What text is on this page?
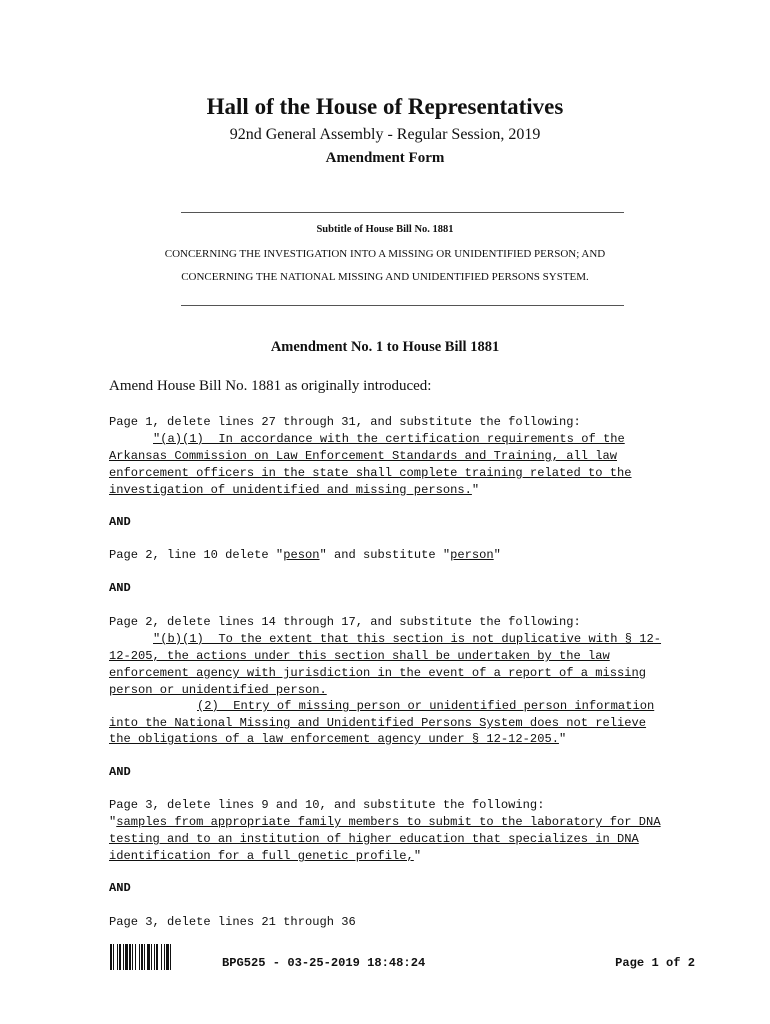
Hall of the House of Representatives
92nd General Assembly - Regular Session, 2019
Amendment Form
Subtitle of House Bill No. 1881
CONCERNING THE INVESTIGATION INTO A MISSING OR UNIDENTIFIED PERSON; AND
CONCERNING THE NATIONAL MISSING AND UNIDENTIFIED PERSONS SYSTEM.
Amendment No. 1 to House Bill 1881
Amend House Bill No. 1881 as originally introduced:
Page 1, delete lines 27 through 31, and substitute the following:
"(a)(1)  In accordance with the certification requirements of the
Arkansas Commission on Law Enforcement Standards and Training, all law
enforcement officers in the state shall complete training related to the
investigation of unidentified and missing persons."
AND
Page 2, line 10 delete "peson" and substitute "person"
AND
Page 2, delete lines 14 through 17, and substitute the following:
"(b)(1)  To the extent that this section is not duplicative with § 12-
12-205, the actions under this section shall be undertaken by the law
enforcement agency with jurisdiction in the event of a report of a missing
person or unidentified person.
(2)  Entry of missing person or unidentified person information
into the National Missing and Unidentified Persons System does not relieve
the obligations of a law enforcement agency under § 12-12-205."
AND
Page 3, delete lines 9 and 10, and substitute the following:
"samples from appropriate family members to submit to the laboratory for DNA
testing and to an institution of higher education that specializes in DNA
identification for a full genetic profile,"
AND
Page 3, delete lines 21 through 36
BPG525 - 03-25-2019 18:48:24	Page 1 of 2
